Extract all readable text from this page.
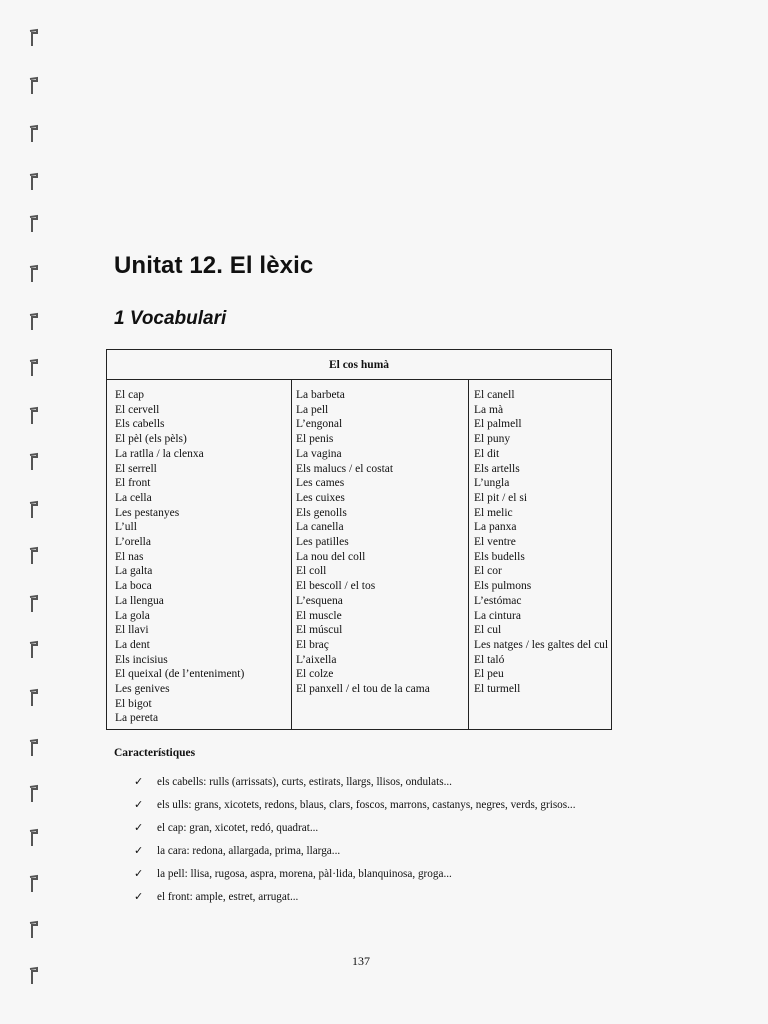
Unitat 12. El lèxic
1 Vocabulari
El cos humà
El cap
El cervell
Els cabells
El pèl (els pèls)
La ratlla / la clenxa
El serrell
El front
La cella
Les pestanyes
L’ull
L’orella
El nas
La galta
La boca
La llengua
La gola
El llavi
La dent
Els incisius
El queixal (de l’enteniment)
Les genives
El bigot
La pereta
La barbeta
La pell
L’engonal
El penis
La vagina
Els malucs / el costat
Les cames
Les cuixes
Els genolls
La canella
Les patilles
La nou del coll
El coll
El bescoll / el tos
L’esquena
El muscle
El múscul
El braç
L’aixella
El colze
El panxell / el tou de la cama
El canell
La mà
El palmell
El puny
El dit
Els artells
L’ungla
El pit / el si
El melic
La panxa
El ventre
Els budells
El cor
Els pulmons
L’estómac
La cintura
El cul
Les natges / les galtes del cul
El taló
El peu
El turmell
Característiques
✓ els cabells: rulls (arrissats), curts, estirats, llargs, llisos, ondulats...
✓ els ulls: grans, xicotets, redons, blaus, clars, foscos, marrons, castanys, negres, verds, grisos...
✓ el cap: gran, xicotet, redó, quadrat...
✓ la cara: redona, allargada, prima, llarga...
✓ la pell: llisa, rugosa, aspra, morena, pàl·lida, blanquinosa, groga...
✓ el front: ample, estret, arrugat...
137
